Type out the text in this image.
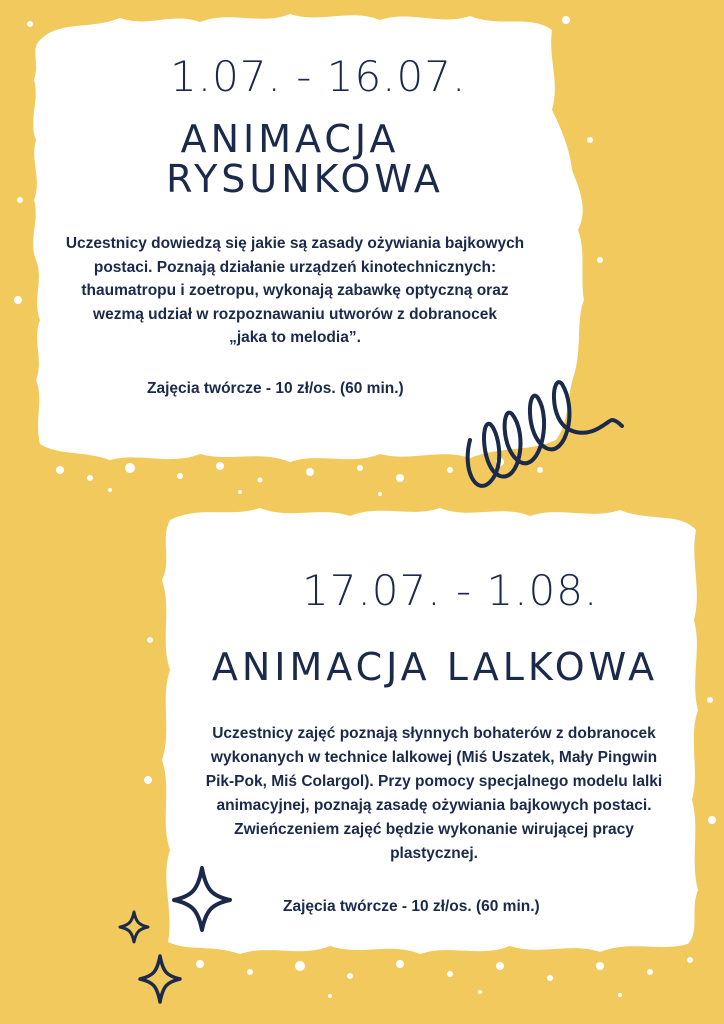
1.07. - 16.07.
ANIMACJA
RYSUNKOWA
Uczestnicy dowiedzą się jakie są zasady ożywiania bajkowych
postaci. Poznają działanie urządzeń kinotechnicznych:
thaumatropu i zoetropu, wykonają zabawkę optyczną oraz
wezmą udział w rozpoznawaniu utworów z dobranocek
„jaka to melodia”.
Zajęcia twórcze - 10 zł/os. (60 min.)
17.07. - 1.08.
ANIMACJA LALKOWA
Uczestnicy zajęć poznają słynnych bohaterów z dobranocek
wykonanych w technice lalkowej (Miś Uszatek, Mały Pingwin
Pik-Pok, Miś Colargol). Przy pomocy specjalnego modelu lalki
animacyjnej, poznają zasadę ożywiania bajkowych postaci.
Zwieńczeniem zajęć będzie wykonanie wirującej pracy
plastycznej.
Zajęcia twórcze - 10 zł/os. (60 min.)
